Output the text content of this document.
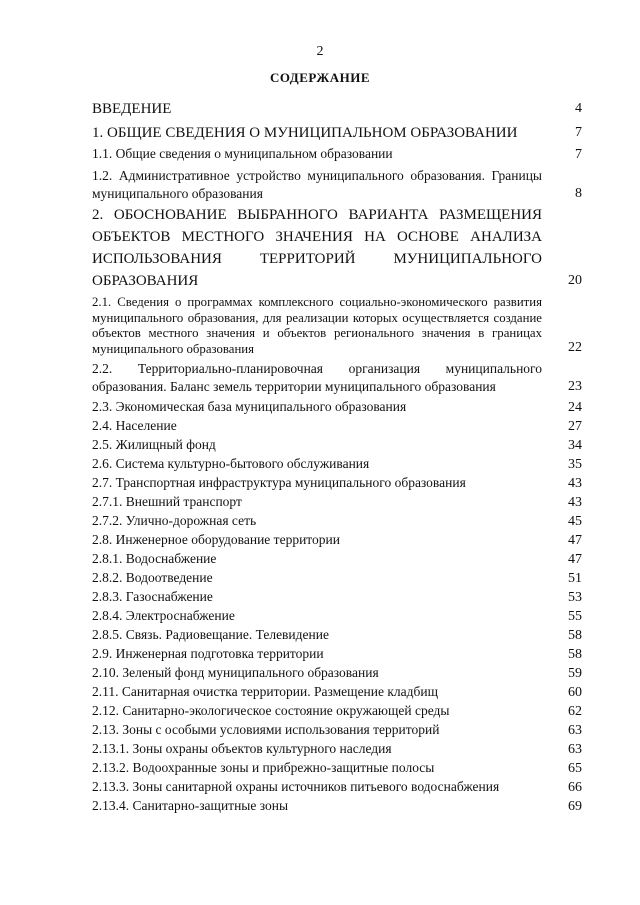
2
СОДЕРЖАНИЕ
ВВЕДЕНИЕ	4
1. ОБЩИЕ СВЕДЕНИЯ О МУНИЦИПАЛЬНОМ ОБРАЗОВАНИИ	7
1.1. Общие сведения о муниципальном образовании	7
1.2. Административное устройство муниципального образования. Границы муниципального образования	8
2. ОБОСНОВАНИЕ ВЫБРАННОГО ВАРИАНТА РАЗМЕЩЕНИЯ ОБЪЕКТОВ МЕСТНОГО ЗНАЧЕНИЯ НА ОСНОВЕ АНАЛИЗА ИСПОЛЬЗОВАНИЯ ТЕРРИТОРИЙ МУНИЦИПАЛЬНОГО ОБРАЗОВАНИЯ	20
2.1. Сведения о программах комплексного социально-экономического развития муниципального образования, для реализации которых осуществляется создание объектов местного значения и объектов регионального значения в границах муниципального образования	22
2.2. Территориально-планировочная организация муниципального образования. Баланс земель территории муниципального образования	23
2.3. Экономическая база муниципального образования	24
2.4. Население	27
2.5. Жилищный фонд	34
2.6. Система культурно-бытового обслуживания	35
2.7. Транспортная инфраструктура муниципального образования	43
2.7.1. Внешний транспорт	43
2.7.2. Улично-дорожная сеть	45
2.8. Инженерное оборудование территории	47
2.8.1. Водоснабжение	47
2.8.2. Водоотведение	51
2.8.3. Газоснабжение	53
2.8.4. Электроснабжение	55
2.8.5. Связь. Радиовещание. Телевидение	58
2.9. Инженерная подготовка территории	58
2.10. Зеленый фонд муниципального образования	59
2.11. Санитарная очистка территории. Размещение кладбищ	60
2.12. Санитарно-экологическое состояние окружающей среды	62
2.13. Зоны с особыми условиями использования территорий	63
2.13.1. Зоны охраны объектов культурного наследия	63
2.13.2. Водоохранные зоны и прибрежно-защитные полосы	65
2.13.3. Зоны санитарной охраны источников питьевого водоснабжения	66
2.13.4. Санитарно-защитные зоны	69
